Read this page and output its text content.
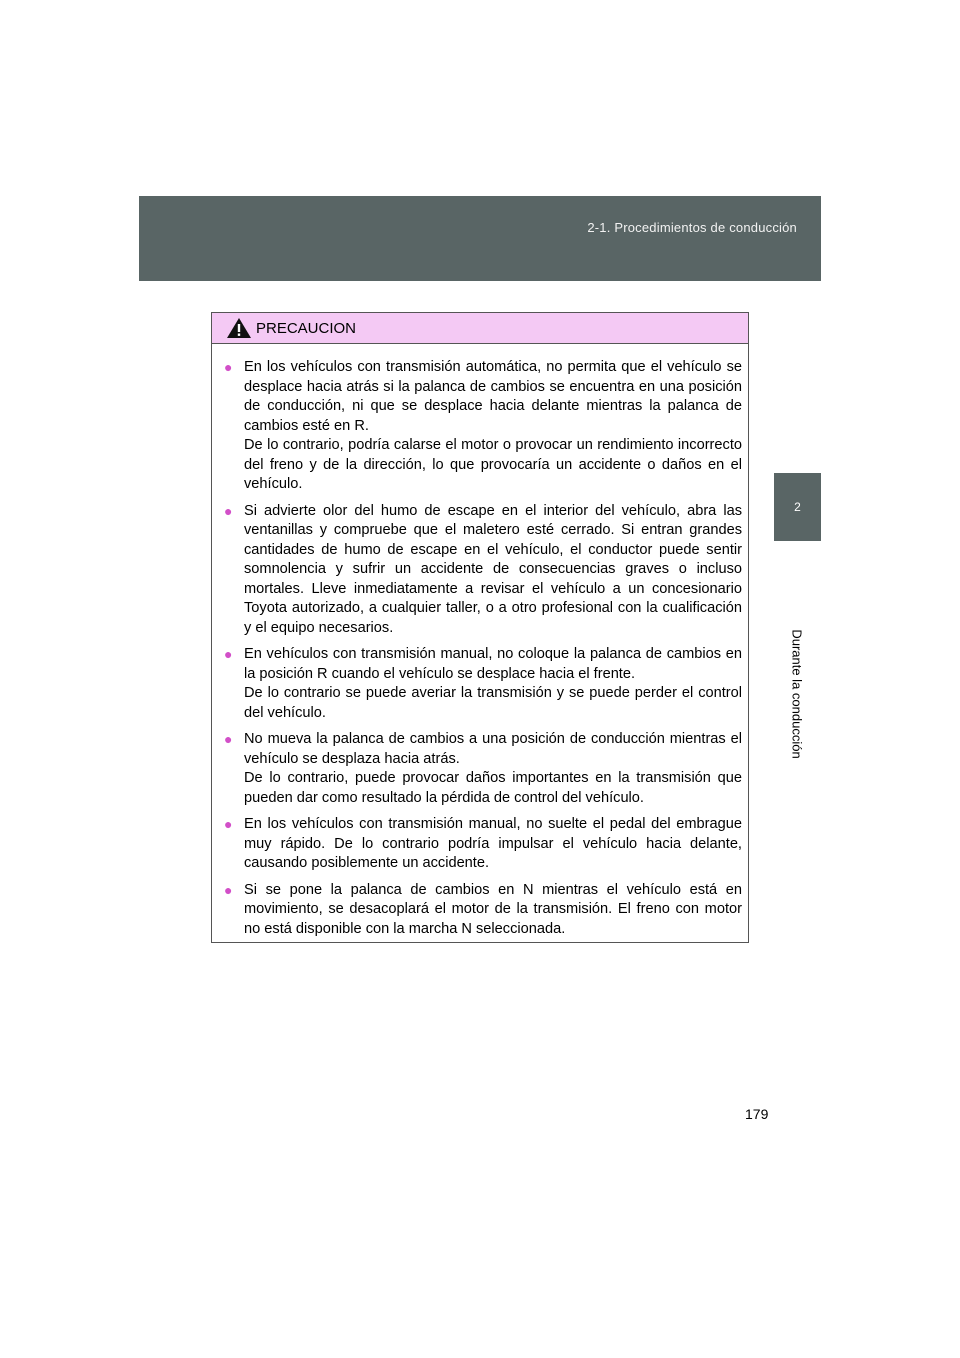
2-1. Procedimientos de conducción
2
Durante la conducción
PRECAUCION
● En los vehículos con transmisión automática, no permita que el vehículo se desplace hacia atrás si la palanca de cambios se encuentra en una posición de conducción, ni que se desplace hacia delante mientras la palanca de cambios esté en R.

De lo contrario, podría calarse el motor o provocar un rendimiento incorrecto del freno y de la dirección, lo que provocaría un accidente o daños en el vehículo.

● Si advierte olor del humo de escape en el interior del vehículo, abra las ventanillas y compruebe que el maletero esté cerrado. Si entran grandes cantidades de humo de escape en el vehículo, el conductor puede sentir somnolencia y sufrir un accidente de consecuencias graves o incluso mortales. Lleve inmediatamente a revisar el vehículo a un concesionario Toyota autorizado, a cualquier taller, o a otro profesional con la cualificación y el equipo necesarios.

● En vehículos con transmisión manual, no coloque la palanca de cambios en la posición R cuando el vehículo se desplace hacia el frente.

De lo contrario se puede averiar la transmisión y se puede perder el control del vehículo.

● No mueva la palanca de cambios a una posición de conducción mientras el vehículo se desplaza hacia atrás.

De lo contrario, puede provocar daños importantes en la transmisión que pueden dar como resultado la pérdida de control del vehículo.

● En los vehículos con transmisión manual, no suelte el pedal del embrague muy rápido. De lo contrario podría impulsar el vehículo hacia delante, causando posiblemente un accidente.

● Si se pone la palanca de cambios en N mientras el vehículo está en movimiento, se desacoplará el motor de la transmisión. El freno con motor no está disponible con la marcha N seleccionada.

179
